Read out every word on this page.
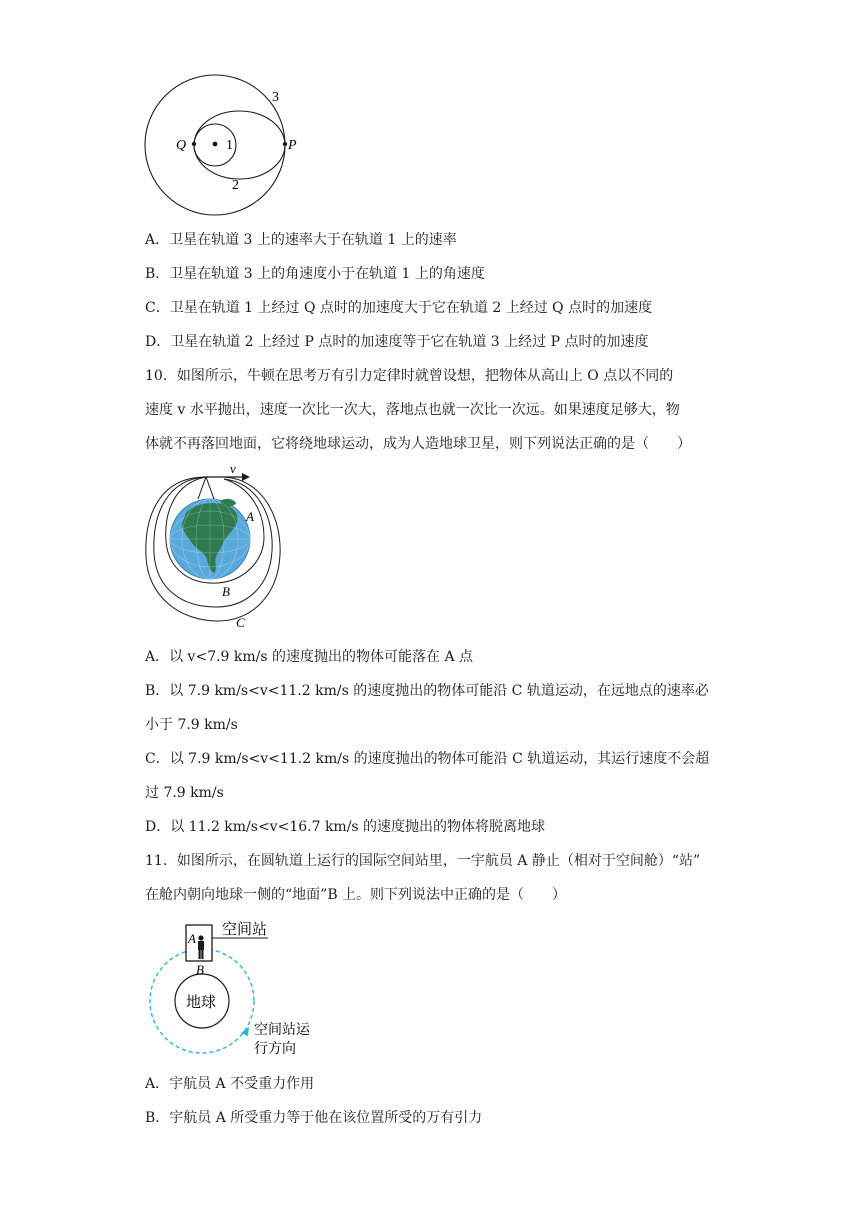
1
Q	P
3
2
A．卫星在轨道 3 上的速率大于在轨道 1 上的速率
B．卫星在轨道 3 上的角速度小于在轨道 1 上的角速度
C．卫星在轨道 1 上经过 Q 点时的加速度大于它在轨道 2 上经过 Q 点时的加速度
D．卫星在轨道 2 上经过 P 点时的加速度等于它在轨道 3 上经过 P 点时的加速度
10．如图所示，牛顿在思考万有引力定律时就曾设想，把物体从高山上 O 点以不同的
速度 v 水平抛出，速度一次比一次大，落地点也就一次比一次远。如果速度足够大，物
体就不再落回地面，它将绕地球运动，成为人造地球卫星，则下列说法正确的是（　　）
v
A
B
C
A．以 v<7.9 km/s 的速度抛出的物体可能落在 A 点
B．以 7.9 km/s<v<11.2 km/s 的速度抛出的物体可能沿 C 轨道运动，在远地点的速率必
小于 7.9 km/s
C．以 7.9 km/s<v<11.2 km/s 的速度抛出的物体可能沿 C 轨道运动，其运行速度不会超
过 7.9 km/s
D．以 11.2 km/s<v<16.7 km/s 的速度抛出的物体将脱离地球
11．如图所示，在圆轨道上运行的国际空间站里，一宇航员 A 静止（相对于空间舱）“站”
在舱内朝向地球一侧的“地面”B 上。则下列说法中正确的是（　　）
地球
A
B
空间站
空间站运
行方向
A．宇航员 A 不受重力作用
B．宇航员 A 所受重力等于他在该位置所受的万有引力
